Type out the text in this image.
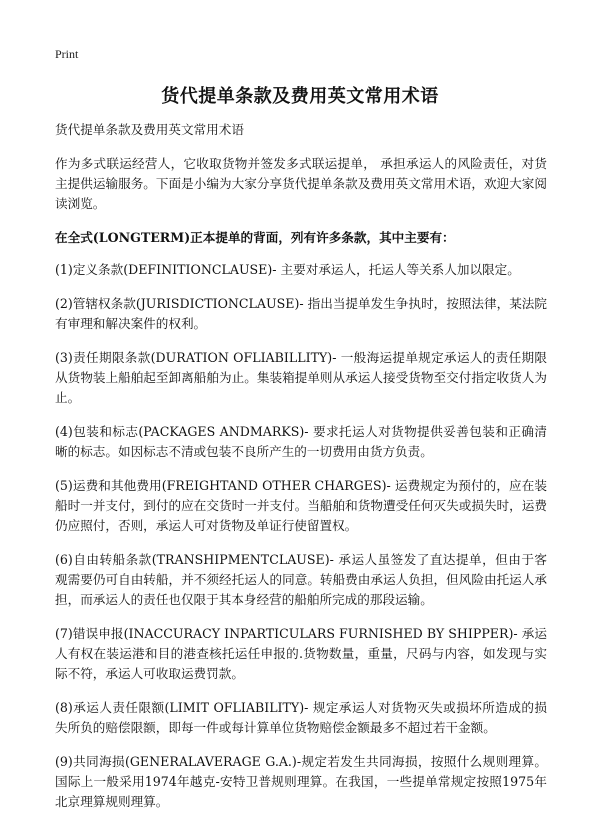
Print
货代提单条款及费用英文常用术语

货代提单条款及费用英文常用术语

作为多式联运经营人，它收取货物并签发多式联运提单， 承担承运人的风险责任，对货主提供运输服务。下面是小编为大家分享货代提单条款及费用英文常用术语，欢迎大家阅读浏览。

在全式(LONGTERM)正本提单的背面，列有许多条款，其中主要有：

(1)定义条款(DEFINITIONCLAUSE)- 主要对承运人，托运人等关系人加以限定。

(2)管辖权条款(JURISDICTIONCLAUSE)- 指出当提单发生争执时，按照法律，某法院有审理和解决案件的权利。

(3)责任期限条款(DURATION OFLIABILLITY)- 一般海运提单规定承运人的责任期限从货物装上船舶起至卸离船舶为止。集装箱提单则从承运人接受货物至交付指定收货人为止。

(4)包装和标志(PACKAGES ANDMARKS)- 要求托运人对货物提供妥善包装和正确清晰的标志。如因标志不清或包装不良所产生的一切费用由货方负责。

(5)运费和其他费用(FREIGHTAND OTHER CHARGES)- 运费规定为预付的，应在装船时一并支付，到付的应在交货时一并支付。当船舶和货物遭受任何灭失或损失时，运费仍应照付，否则，承运人可对货物及单证行使留置权。

(6)自由转船条款(TRANSHIPMENTCLAUSE)- 承运人虽签发了直达提单，但由于客观需要仍可自由转船，并不须经托运人的同意。转船费由承运人负担，但风险由托运人承担，而承运人的责任也仅限于其本身经营的船舶所完成的那段运输。

(7)错误申报(INACCURACY INPARTICULARS FURNISHED BY SHIPPER)- 承运人有权在装运港和目的港查核托运任申报的.货物数量，重量，尺码与内容，如发现与实际不符，承运人可收取运费罚款。

(8)承运人责任限额(LIMIT OFLIABILITY)- 规定承运人对货物灭失或损坏所造成的损失所负的赔偿限额，即每一件或每计算单位货物赔偿金额最多不超过若干金额。

(9)共同海损(GENERALAVERAGE G.A.)-规定若发生共同海损，按照什么规则理算。国际上一般采用1974年越克-安特卫普规则理算。在我国，一些提单常规定按照1975年北京理算规则理算。
